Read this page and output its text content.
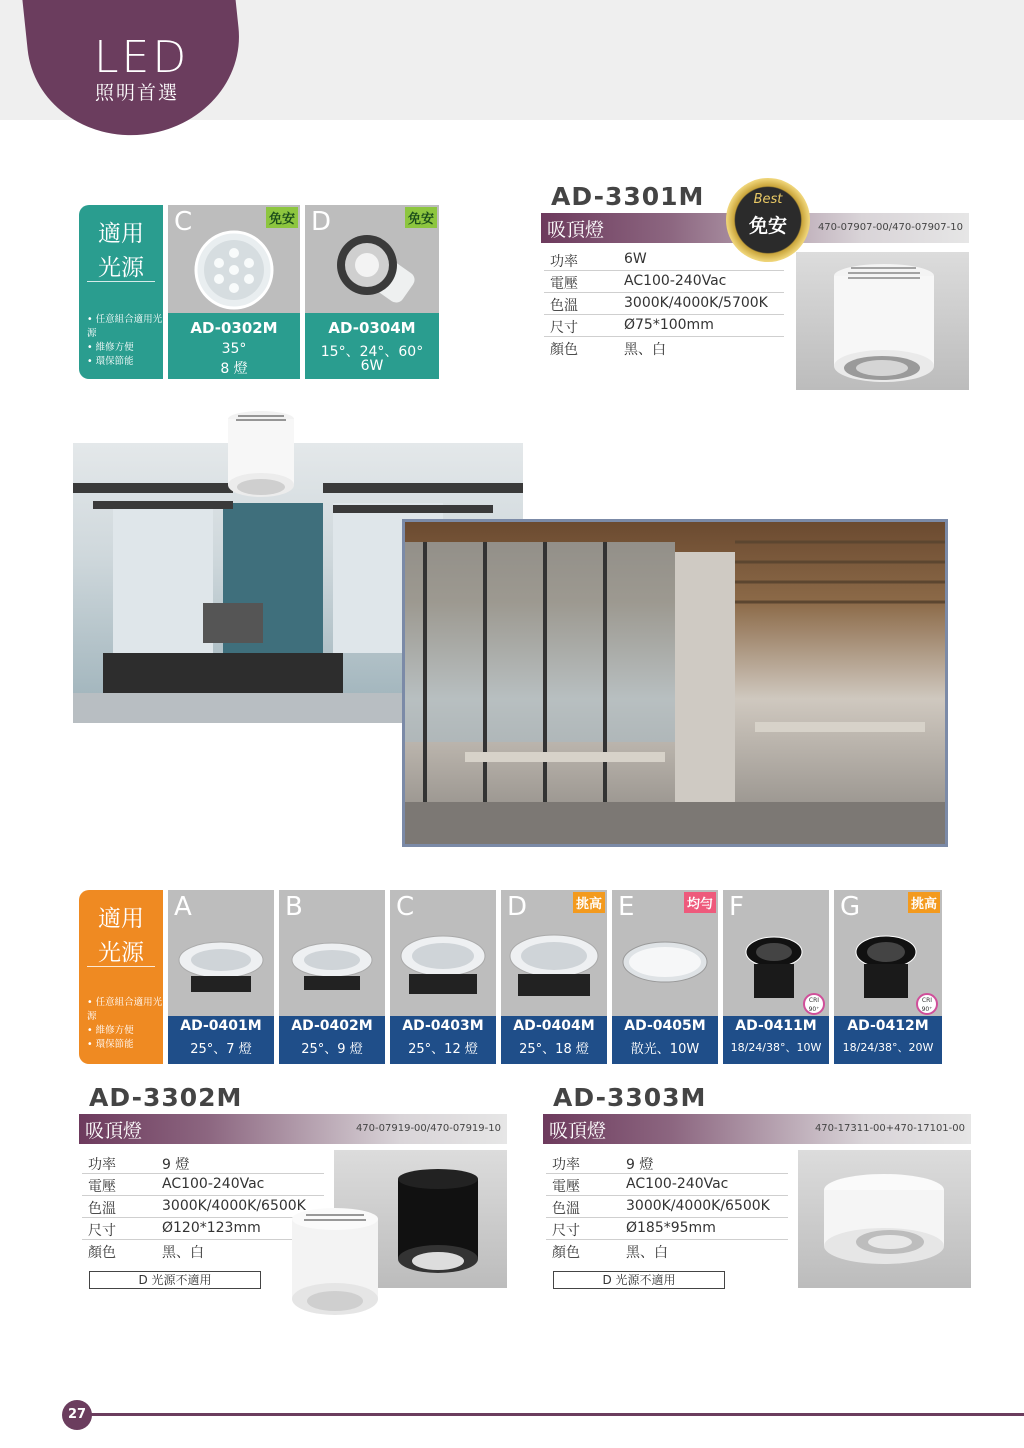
LED
照明首選
適用
光源
• 任意組合適用光源
• 維修方便
• 環保節能
C	免安
AD-0302M
35°
8 燈
D	免安
AD-0304M
15°、24°、60°
6W
AD-3301M
吸頂燈	470-07907-00/470-07907-10
Best
免安
功率	6W
電壓	AC100-240Vac
色溫	3000K/4000K/5700K
尺寸	Ø75*100mm
顏色	黑、白
適用
光源
• 任意組合適用光源
• 維修方便
• 環保節能
A
AD-0401M
25°、7 燈
B
AD-0402M
25°、9 燈
C
AD-0403M
25°、12 燈
D	挑高
AD-0404M
25°、18 燈
E	均勻
AD-0405M
散光、10W
F
CRI 90⁺
AD-0411M
18/24/38°、10W
G	挑高
CRI 90⁺
AD-0412M
18/24/38°、20W
AD-3302M
吸頂燈	470-07919-00/470-07919-10
功率	9 燈
電壓	AC100-240Vac
色溫	3000K/4000K/6500K
尺寸	Ø120*123mm
顏色	黑、白
D 光源不適用
AD-3303M
吸頂燈	470-17311-00+470-17101-00
功率	9 燈
電壓	AC100-240Vac
色溫	3000K/4000K/6500K
尺寸	Ø185*95mm
顏色	黑、白
D 光源不適用
27
